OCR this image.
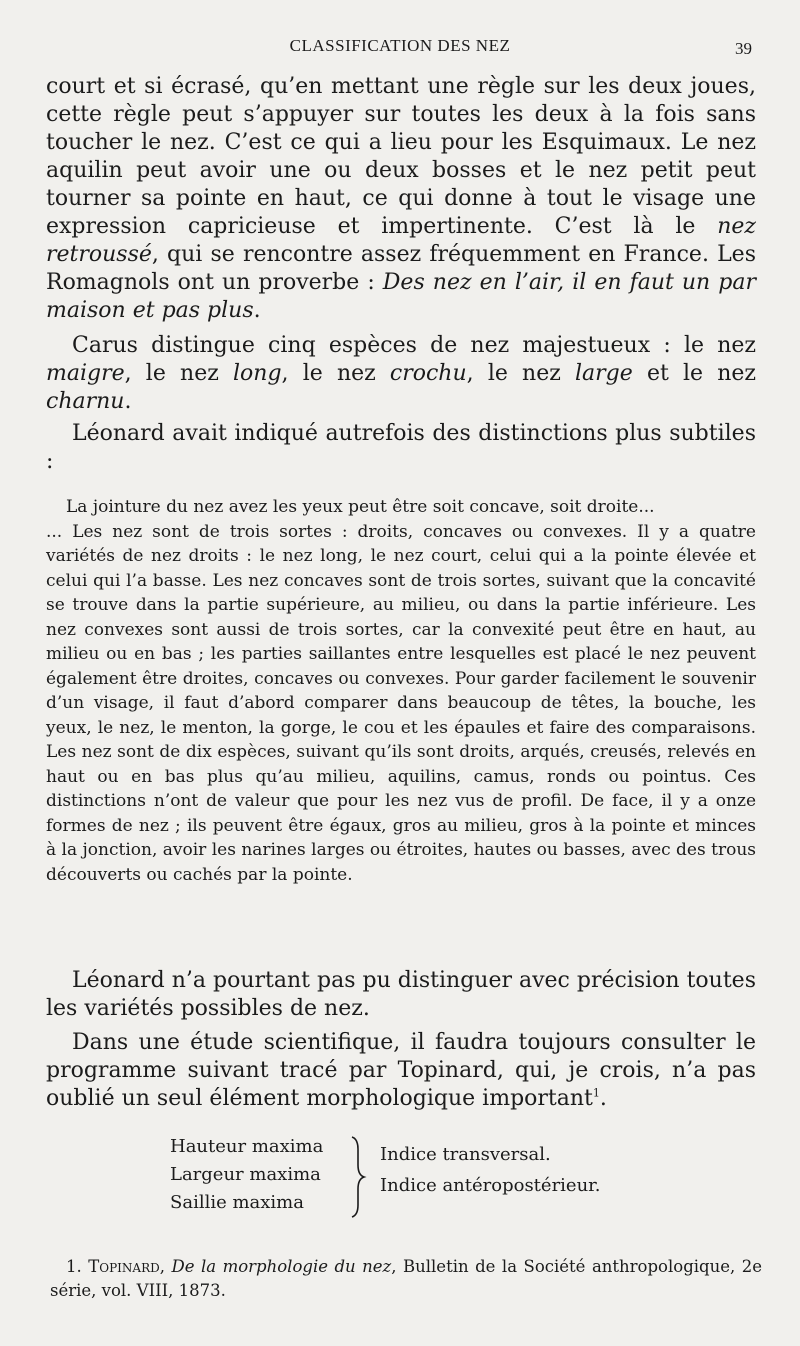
CLASSIFICATION DES NEZ	39

court et si écrasé, qu’en mettant une règle sur les deux joues, cette règle peut s’appuyer sur toutes les deux à la fois sans toucher le nez. C’est ce qui a lieu pour les Esquimaux. Le nez aquilin peut avoir une ou deux bosses et le nez petit peut tourner sa pointe en haut, ce qui donne à tout le visage une expression capricieuse et impertinente. C’est là le nez retroussé, qui se rencontre assez fréquemment en France. Les Romagnols ont un proverbe : Des nez en l’air, il en faut un par maison et pas plus.

Carus distingue cinq espèces de nez majestueux : le nez maigre, le nez long, le nez crochu, le nez large et le nez charnu.

Léonard avait indiqué autrefois des distinctions plus subtiles :

La jointure du nez avez les yeux peut être soit concave, soit droite...
... Les nez sont de trois sortes : droits, concaves ou convexes. Il y a quatre variétés de nez droits : le nez long, le nez court, celui qui a la pointe élevée et celui qui l’a basse. Les nez concaves sont de trois sortes, suivant que la concavité se trouve dans la partie supérieure, au milieu, ou dans la partie inférieure. Les nez convexes sont aussi de trois sortes, car la convexité peut être en haut, au milieu ou en bas ; les parties saillantes entre lesquelles est placé le nez peuvent également être droites, concaves ou convexes. Pour garder facilement le souvenir d’un visage, il faut d’abord comparer dans beaucoup de têtes, la bouche, les yeux, le nez, le menton, la gorge, le cou et les épaules et faire des comparaisons. Les nez sont de dix espèces, suivant qu’ils sont droits, arqués, creusés, relevés en haut ou en bas plus qu’au milieu, aquilins, camus, ronds ou pointus. Ces distinctions n’ont de valeur que pour les nez vus de profil. De face, il y a onze formes de nez ; ils peuvent être égaux, gros au milieu, gros à la pointe et minces à la jonction, avoir les narines larges ou étroites, hautes ou basses, avec des trous découverts ou cachés par la pointe.

Léonard n’a pourtant pas pu distinguer avec précision toutes les variétés possibles de nez.

Dans une étude scientifique, il faudra toujours consulter le programme suivant tracé par Topinard, qui, je crois, n’a pas oublié un seul élément morphologique important$^1$.

Hauteur maxima
Largeur maxima
Saillie maxima
Indice transversal.
Indice antéropostérieur.

1. Topinard, De la morphologie du nez, Bulletin de la Société anthropologique, 2e série, vol. VIII, 1873.
